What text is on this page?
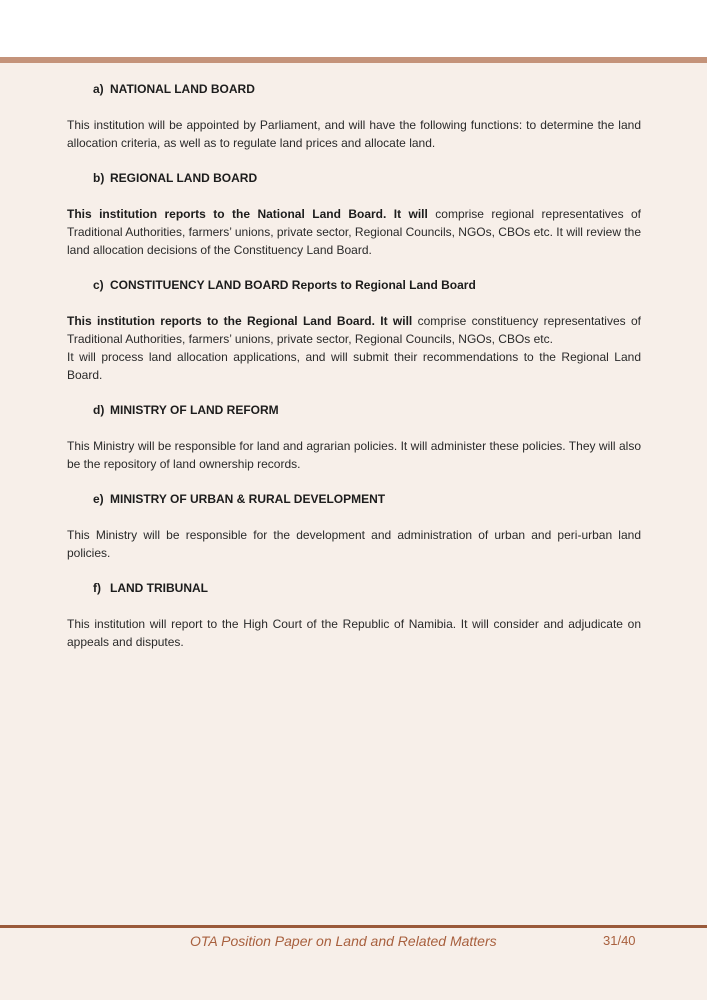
a) NATIONAL LAND BOARD

This institution will be appointed by Parliament, and will have the following functions: to determine the land allocation criteria, as well as to regulate land prices and allocate land.

b) REGIONAL LAND BOARD

This institution reports to the National Land Board. It will comprise regional representatives of Traditional Authorities, farmers’ unions, private sector, Regional Councils, NGOs, CBOs etc. It will review the land allocation decisions of the Constituency Land Board.

c) CONSTITUENCY LAND BOARD Reports to Regional Land Board

This institution reports to the Regional Land Board. It will comprise constituency representatives of Traditional Authorities, farmers’ unions, private sector, Regional Councils, NGOs, CBOs etc.
It will process land allocation applications, and will submit their recommendations to the Regional Land Board.

d) MINISTRY OF LAND REFORM

This Ministry will be responsible for land and agrarian policies. It will administer these policies. They will also be the repository of land ownership records.

e) MINISTRY OF URBAN & RURAL DEVELOPMENT

This Ministry will be responsible for the development and administration of urban and peri-urban land policies.

f) LAND TRIBUNAL

This institution will report to the High Court of the Republic of Namibia. It will consider and adjudicate on appeals and disputes.

OTA Position Paper on Land and Related Matters	31/40
